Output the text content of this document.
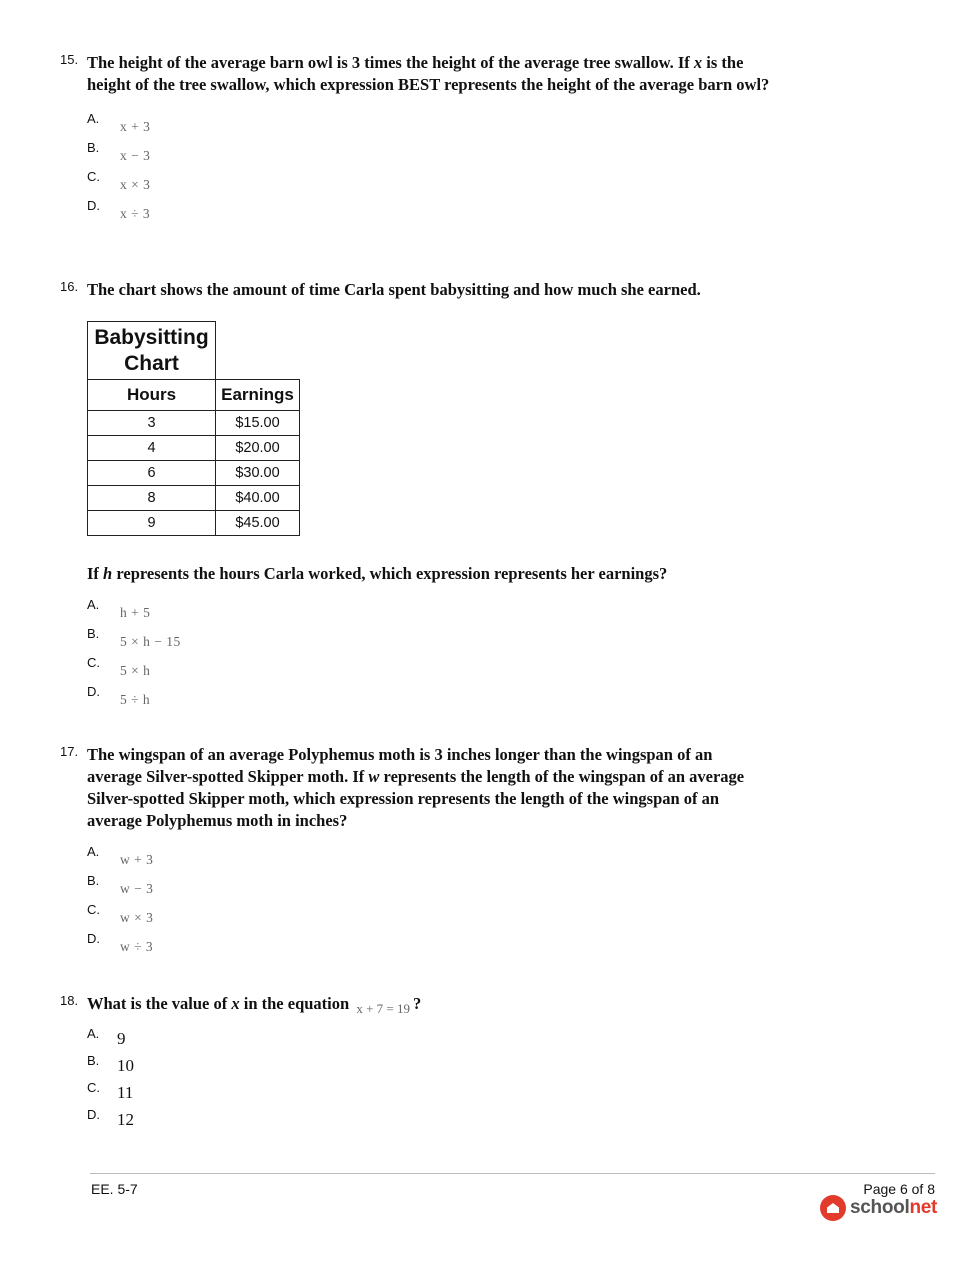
15. The height of the average barn owl is 3 times the height of the average tree swallow. If x is the height of the tree swallow, which expression BEST represents the height of the average barn owl?
A.
x + 3
B.
x − 3
C.
x × 3
D.
x ÷ 3
16. The chart shows the amount of time Carla spent babysitting and how much she earned.
Babysitting Chart	
Hours	Earnings
3	$15.00
4	$20.00
6	$30.00
8	$40.00
9	$45.00
If h represents the hours Carla worked, which expression represents her earnings?
A.
h + 5
B.
5 × h − 15
C.
5 × h
D.
5 ÷ h
17. The wingspan of an average Polyphemus moth is 3 inches longer than the wingspan of an average Silver-spotted Skipper moth. If w represents the length of the wingspan of an average Silver-spotted Skipper moth, which expression represents the length of the wingspan of an average Polyphemus moth in inches?
A.
w + 3
B.
w − 3
C.
w × 3
D.
w ÷ 3
18. What is the value of x in the equation $_{x + 7 = 19}$ ?
A. 9
B. 10
C. 11
D. 12
EE. 5-7	Page 6 of 8
schoolnet
